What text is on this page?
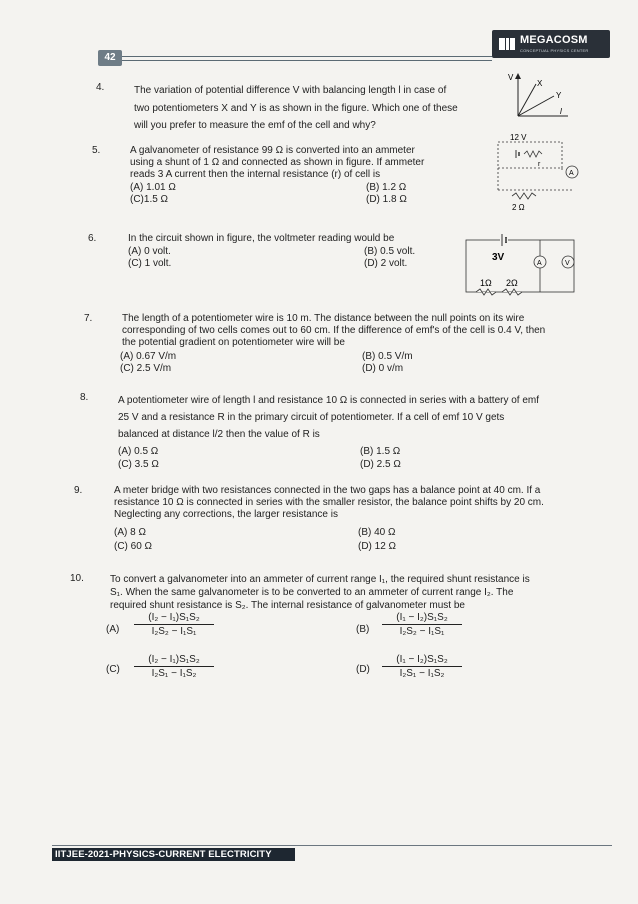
42
MEGACOSM
CONCEPTUAL PHYSICS CENTER
4.	The variation of potential difference V with balancing length l in case of
two potentiometers X and Y is as shown in the figure. Which one of these
will you prefer to measure the emf of the cell and why?
V
X
Y
l
5.	A galvanometer of resistance 99 Ω is converted into an ammeter
using a shunt of 1 Ω and connected as shown in figure. If ammeter
reads 3 A current then the internal resistance (r) of cell is
(A) 1.01 Ω	(B) 1.2 Ω
(C)1.5 Ω	(D) 1.8 Ω
A
12 V
r
2 Ω
6.	In the circuit shown in figure, the voltmeter reading would be
(A) 0 volt.	(B) 0.5 volt.
(C) 1 volt.	(D) 2 volt.
3V
A	V
1Ω 2Ω
7.	The length of a potentiometer wire is 10 m. The distance between the null points on its wire
corresponding of two cells comes out to 60 cm. If the difference of emf's of the cell is 0.4 V, then
the potential gradient on potentiometer wire will be
(A) 0.67 V/m	(B) 0.5 V/m
(C) 2.5 V/m	(D) 0 v/m
8.	A potentiometer wire of length l and resistance 10 Ω is connected in series with a battery of emf
25 V and a resistance R in the primary circuit of potentiometer. If a cell of emf 10 V gets
balanced at distance l/2 then the value of R is
(A) 0.5 Ω	(B) 1.5 Ω
(C) 3.5 Ω	(D) 2.5 Ω
9.	A meter bridge with two resistances connected in the two gaps has a balance point at 40 cm. If a
resistance 10 Ω is connected in series with the smaller resistor, the balance point shifts by 20 cm.
Neglecting any corrections, the larger resistance is
(A) 8 Ω	(B) 40 Ω
(C) 60 Ω	(D) 12 Ω
10.	To convert a galvanometer into an ammeter of current range I₁, the required shunt resistance is
S₁. When the same galvanometer is to be converted to an ammeter of current range I₂. The
required shunt resistance is S₂. The internal resistance of galvanometer must be
$(A) \frac{\text{(I₂ − I₁)S₁S₂}}{\text{I₂S₂ − I₁S₁}}$	$(B) \frac{\text{(I₁ − I₂)S₁S₂}}{\text{I₂S₂ − I₁S₁}}$
$(C) \frac{\text{(I₂ − I₁)S₁S₂}}{\text{I₂S₁ − I₁S₂}}$	$(D) \frac{\text{(I₁ − I₂)S₁S₂}}{\text{I₂S₁ − I₁S₂}}$
IITJEE-2021-PHYSICS-CURRENT ELECTRICITY
